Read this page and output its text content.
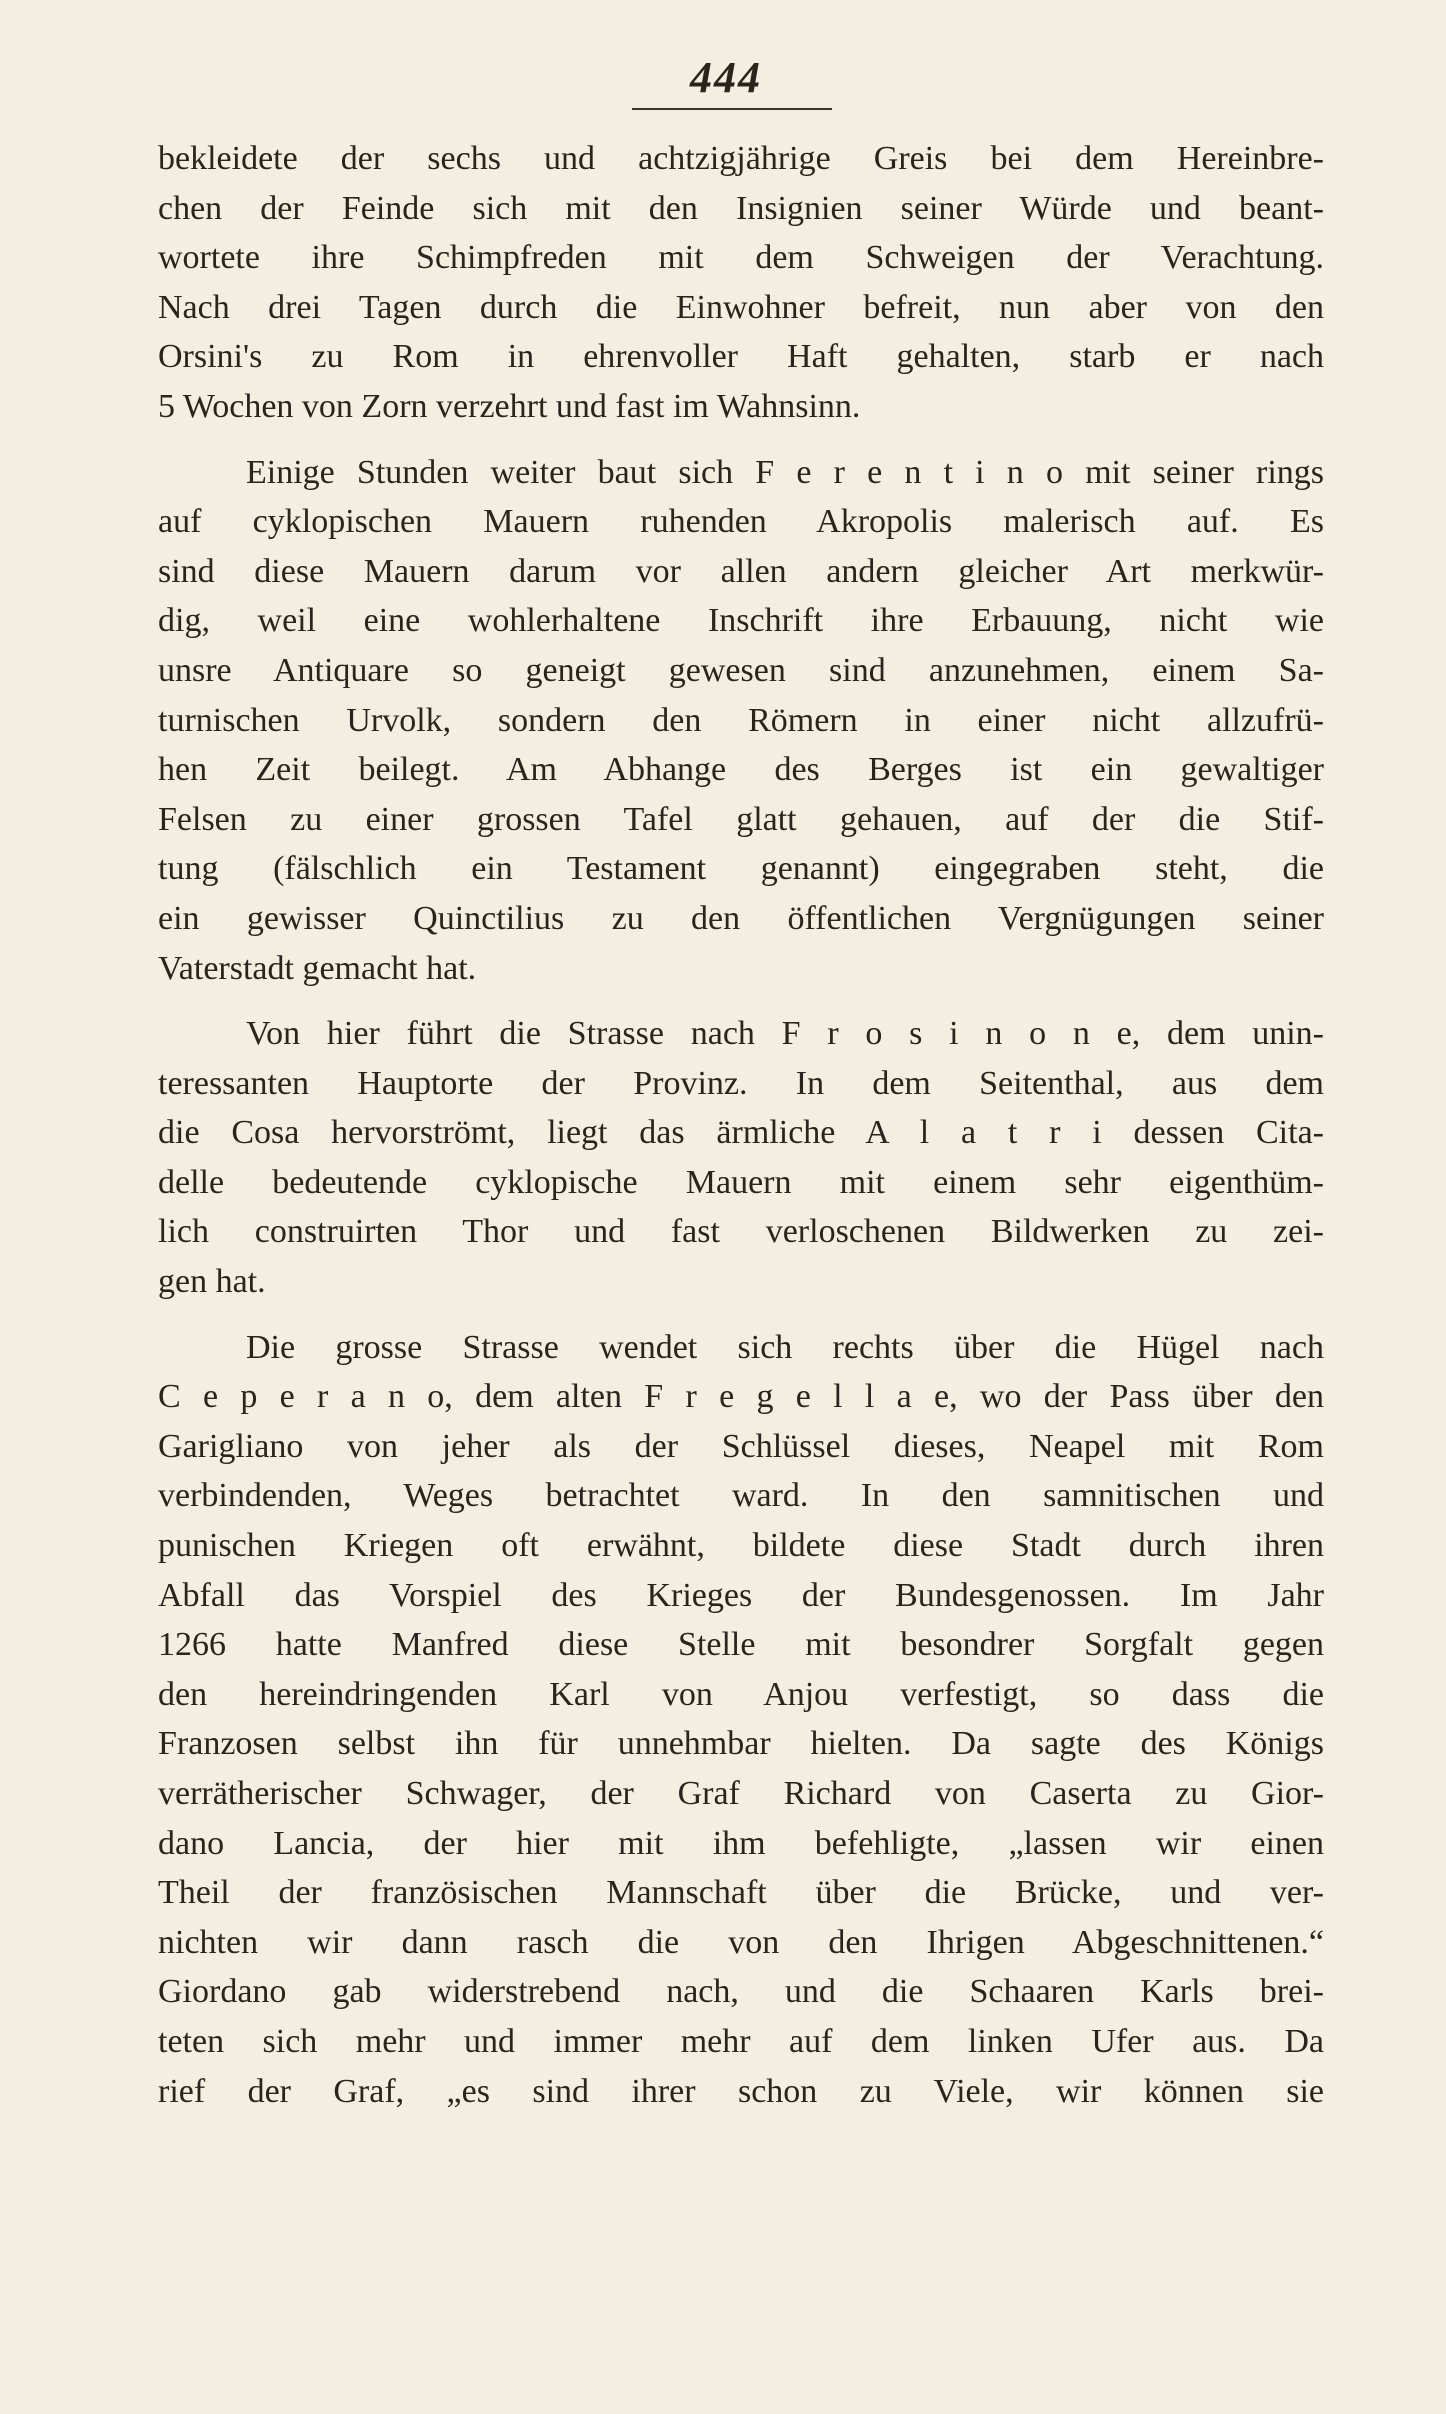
444
bekleidete der sechs und achtzigjährige Greis bei dem Hereinbre-
chen der Feinde sich mit den Insignien seiner Würde und beant-
wortete ihre Schimpfreden mit dem Schweigen der Verachtung.
Nach drei Tagen durch die Einwohner befreit, nun aber von den
Orsini's zu Rom in ehrenvoller Haft gehalten, starb er nach
5 Wochen von Zorn verzehrt und fast im Wahnsinn.
Einige Stunden weiter baut sich F e r e n t i n o mit seiner rings
auf cyklopischen Mauern ruhenden Akropolis malerisch auf. Es
sind diese Mauern darum vor allen andern gleicher Art merkwür-
dig, weil eine wohlerhaltene Inschrift ihre Erbauung, nicht wie
unsre Antiquare so geneigt gewesen sind anzunehmen, einem Sa-
turnischen Urvolk, sondern den Römern in einer nicht allzufrü-
hen Zeit beilegt. Am Abhange des Berges ist ein gewaltiger
Felsen zu einer grossen Tafel glatt gehauen, auf der die Stif-
tung (fälschlich ein Testament genannt) eingegraben steht, die
ein gewisser Quinctilius zu den öffentlichen Vergnügungen seiner
Vaterstadt gemacht hat.
Von hier führt die Strasse nach F r o s i n o n e, dem unin-
teressanten Hauptorte der Provinz. In dem Seitenthal, aus dem
die Cosa hervorströmt, liegt das ärmliche A l a t r i dessen Cita-
delle bedeutende cyklopische Mauern mit einem sehr eigenthüm-
lich construirten Thor und fast verloschenen Bildwerken zu zei-
gen hat.
Die grosse Strasse wendet sich rechts über die Hügel nach
C e p e r a n o, dem alten F r e g e l l a e, wo der Pass über den
Garigliano von jeher als der Schlüssel dieses, Neapel mit Rom
verbindenden, Weges betrachtet ward. In den samnitischen und
punischen Kriegen oft erwähnt, bildete diese Stadt durch ihren
Abfall das Vorspiel des Krieges der Bundesgenossen. Im Jahr
1266 hatte Manfred diese Stelle mit besondrer Sorgfalt gegen
den hereindringenden Karl von Anjou verfestigt, so dass die
Franzosen selbst ihn für unnehmbar hielten. Da sagte des Königs
verrätherischer Schwager, der Graf Richard von Caserta zu Gior-
dano Lancia, der hier mit ihm befehligte, „lassen wir einen
Theil der französischen Mannschaft über die Brücke, und ver-
nichten wir dann rasch die von den Ihrigen Abgeschnittenen.“
Giordano gab widerstrebend nach, und die Schaaren Karls brei-
teten sich mehr und immer mehr auf dem linken Ufer aus. Da
rief der Graf, „es sind ihrer schon zu Viele, wir können sie
